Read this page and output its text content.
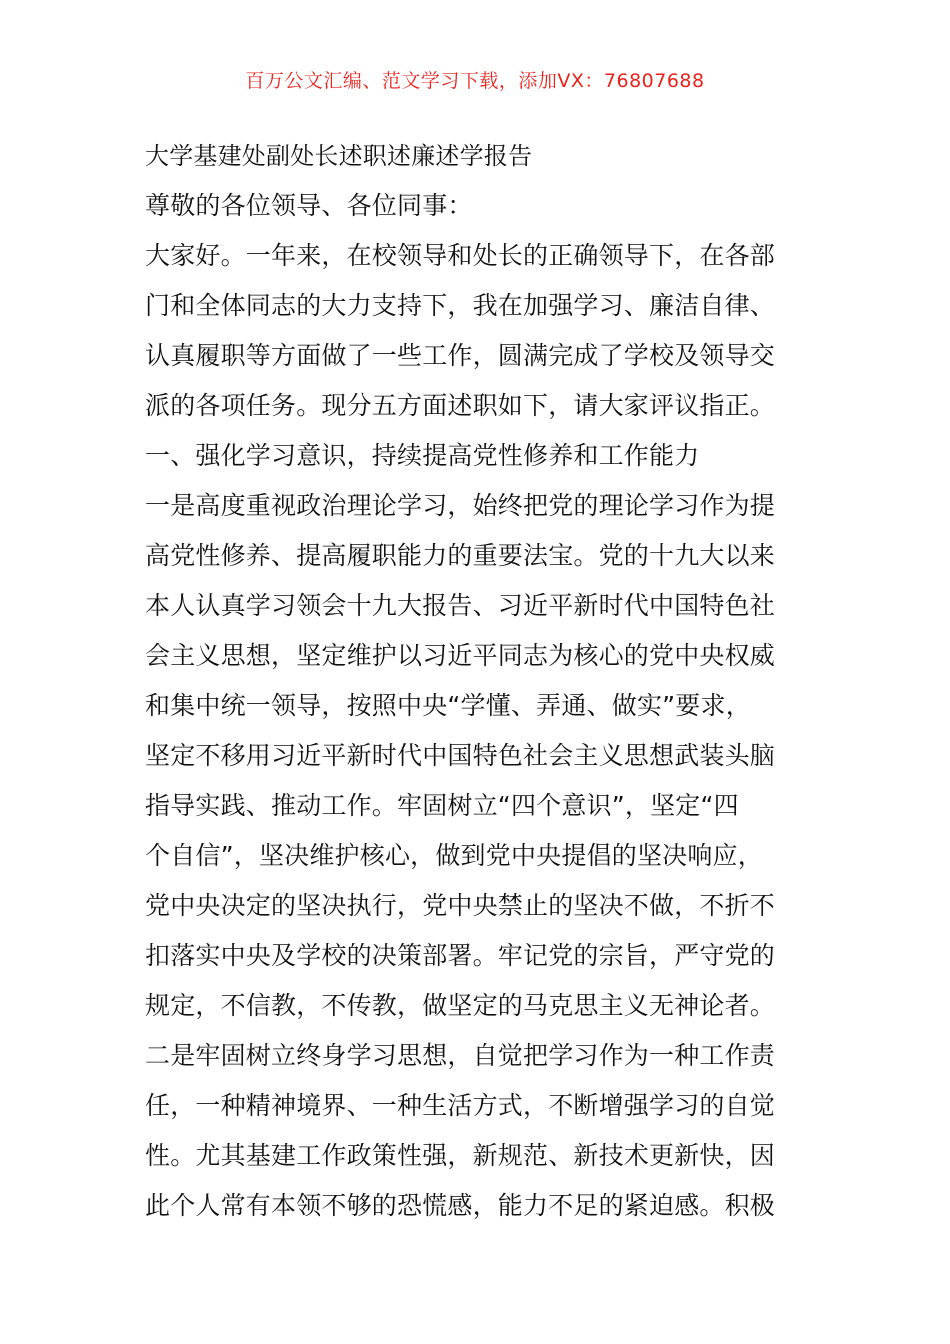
百万公文汇编、范文学习下载，添加VX：76807688
大学基建处副处长述职述廉述学报告
尊敬的各位领导、各位同事：
大家好。一年来，在校领导和处长的正确领导下，在各部
门和全体同志的大力支持下，我在加强学习、廉洁自律、
认真履职等方面做了一些工作，圆满完成了学校及领导交
派的各项任务。现分五方面述职如下，请大家评议指正。
一、强化学习意识，持续提高党性修养和工作能力
一是高度重视政治理论学习，始终把党的理论学习作为提
高党性修养、提高履职能力的重要法宝。党的十九大以来
本人认真学习领会十九大报告、习近平新时代中国特色社
会主义思想，坚定维护以习近平同志为核心的党中央权威
和集中统一领导，按照中央“学懂、弄通、做实”要求，
坚定不移用习近平新时代中国特色社会主义思想武装头脑
指导实践、推动工作。牢固树立“四个意识”，坚定“四
个自信”，坚决维护核心，做到党中央提倡的坚决响应，
党中央决定的坚决执行，党中央禁止的坚决不做，不折不
扣落实中央及学校的决策部署。牢记党的宗旨，严守党的
规定，不信教，不传教，做坚定的马克思主义无神论者。
二是牢固树立终身学习思想，自觉把学习作为一种工作责
任，一种精神境界、一种生活方式，不断增强学习的自觉
性。尤其基建工作政策性强，新规范、新技术更新快，因
此个人常有本领不够的恐慌感，能力不足的紧迫感。积极
